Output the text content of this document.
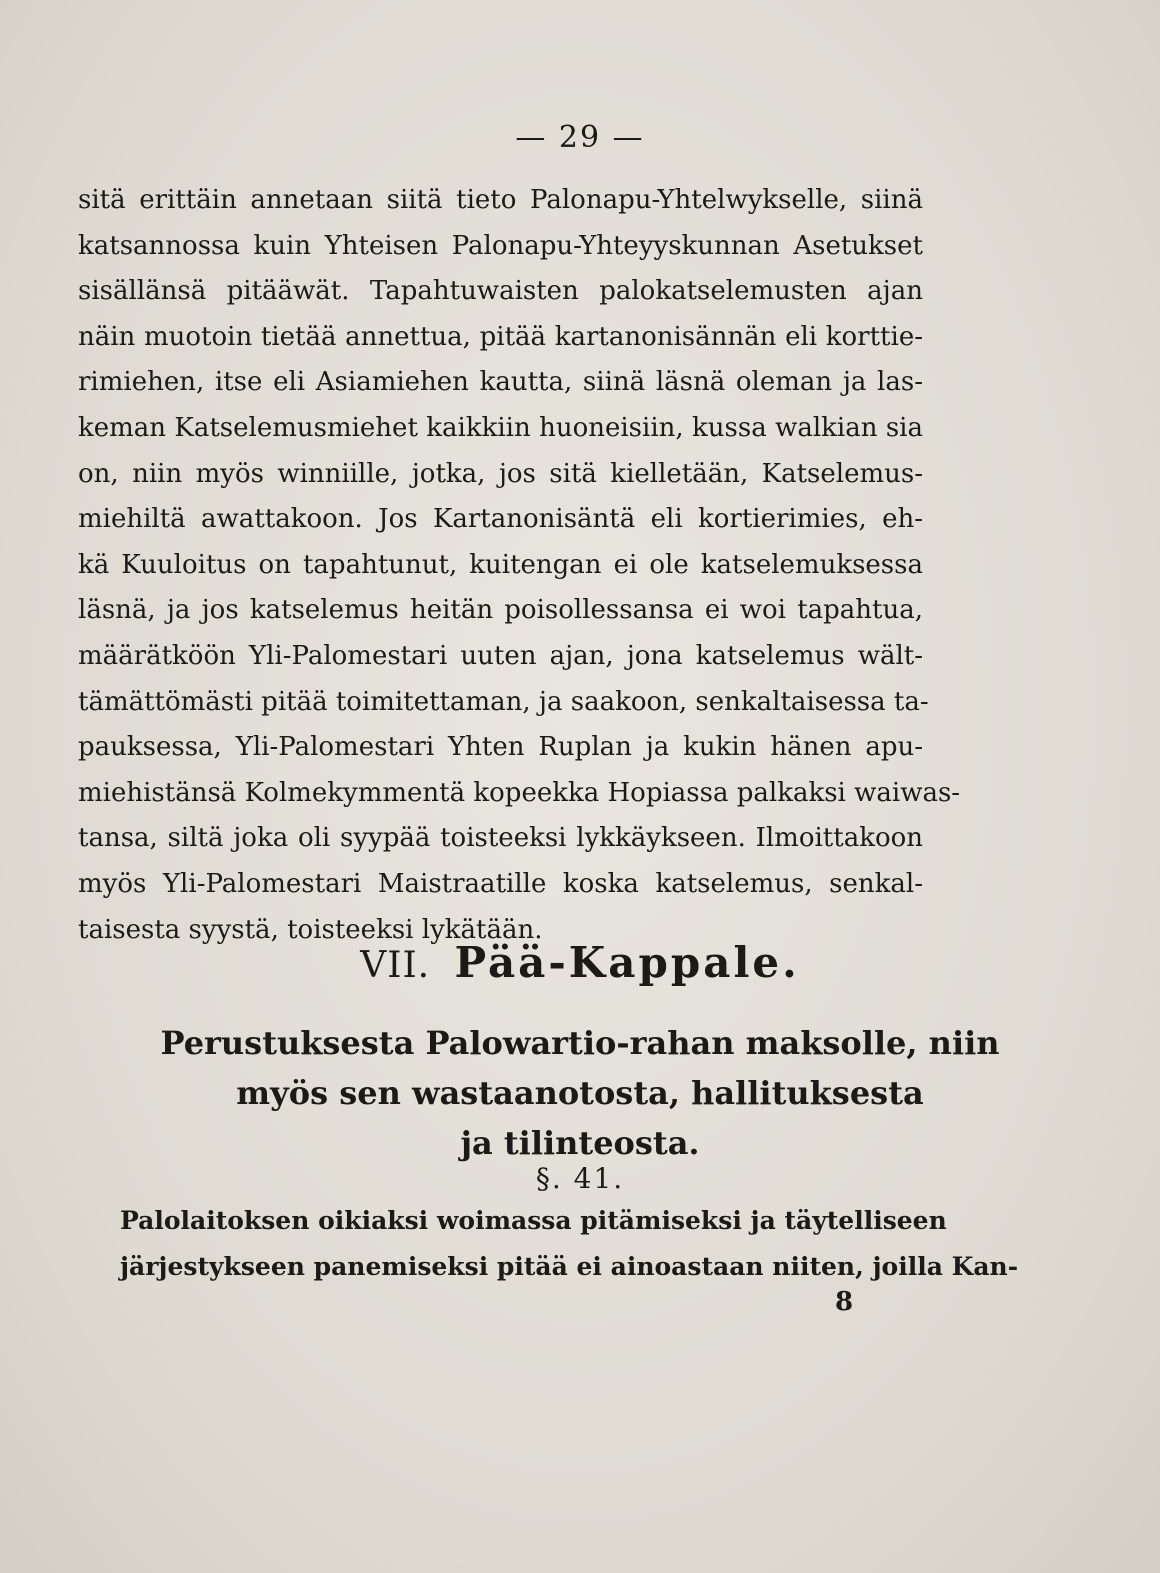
— 29 —
sitä erittäin annetaan siitä tieto Palonapu-Yhtelwykselle, siinä
katsannossa kuin Yhteisen Palonapu-Yhteyyskunnan Asetukset
sisällänsä pitääwät. Tapahtuwaisten palokatselemusten ajan
näin muotoin tietää annettua, pitää kartanonisännän eli korttie-
rimiehen, itse eli Asiamiehen kautta, siinä läsnä oleman ja las-
keman Katselemusmiehet kaikkiin huoneisiin, kussa walkian sia
on, niin myös winniille, jotka, jos sitä kielletään, Katselemus-
miehiltä awattakoon. Jos Kartanonisäntä eli kortierimies, eh-
kä Kuuloitus on tapahtunut, kuitengan ei ole katselemuksessa
läsnä, ja jos katselemus heitän poisollessansa ei woi tapahtua,
määrätköön Yli-Palomestari uuten ajan, jona katselemus wält-
tämättömästi pitää toimitettaman, ja saakoon, senkaltaisessa ta-
pauksessa, Yli-Palomestari Yhten Ruplan ja kukin hänen apu-
miehistänsä Kolmekymmentä kopeekka Hopiassa palkaksi waiwas-
tansa, siltä joka oli syypää toisteeksi lykkäykseen. Ilmoittakoon
myös Yli-Palomestari Maistraatille koska katselemus, senkal-
taisesta syystä, toisteeksi lykätään.
VII. Pää-Kappale.
Perustuksesta Palowartio-rahan maksolle, niin
myös sen wastaanotosta, hallituksesta
ja tilinteosta.
§. 41.
Palolaitoksen oikiaksi woimassa pitämiseksi ja täytelliseen
järjestykseen panemiseksi pitää ei ainoastaan niiten, joilla Kan-
8
